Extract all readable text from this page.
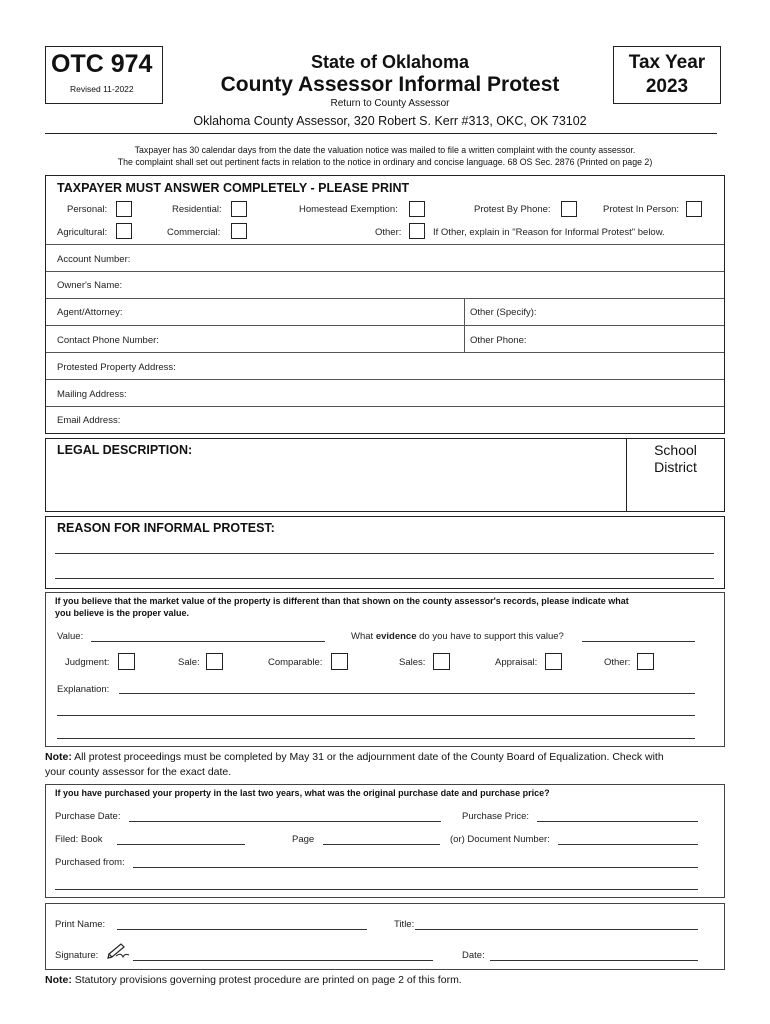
OTC 974
Revised 11-2022
State of Oklahoma
County Assessor Informal Protest
Return to County Assessor
Tax Year
2023
Oklahoma County Assessor, 320 Robert S. Kerr #313, OKC, OK 73102
Taxpayer has 30 calendar days from the date the valuation notice was mailed to file a written complaint with the county assessor.
The complaint shall set out pertinent facts in relation to the notice in ordinary and concise language. 68 OS Sec. 2876 (Printed on page 2)
TAXPAYER MUST ANSWER COMPLETELY - PLEASE PRINT
Personal:	Residential:	Homestead Exemption:	Protest By Phone:	Protest In Person:
Agricultural:	Commercial:	Other:	If Other, explain in "Reason for Informal Protest" below.
Account Number:
Owner's Name:
Agent/Attorney:	Other (Specify):
Contact Phone Number:	Other Phone:
Protested Property Address:
Mailing Address:
Email Address:
LEGAL DESCRIPTION:	School
District
REASON FOR INFORMAL PROTEST:
If you believe that the market value of the property is different than that shown on the county assessor's records, please indicate what
you believe is the proper value.
Value:	What evidence do you have to support this value?
Judgment:	Sale:	Comparable:	Sales:	Appraisal:	Other:
Explanation:
Note: All protest proceedings must be completed by May 31 or the adjournment date of the County Board of Equalization. Check with
your county assessor for the exact date.
If you have purchased your property in the last two years, what was the original purchase date and purchase price?
Purchase Date:	Purchase Price:
Filed: Book	Page	(or) Document Number:
Purchased from:
Print Name:	Title:
Signature:	Date:
Note: Statutory provisions governing protest procedure are printed on page 2 of this form.
